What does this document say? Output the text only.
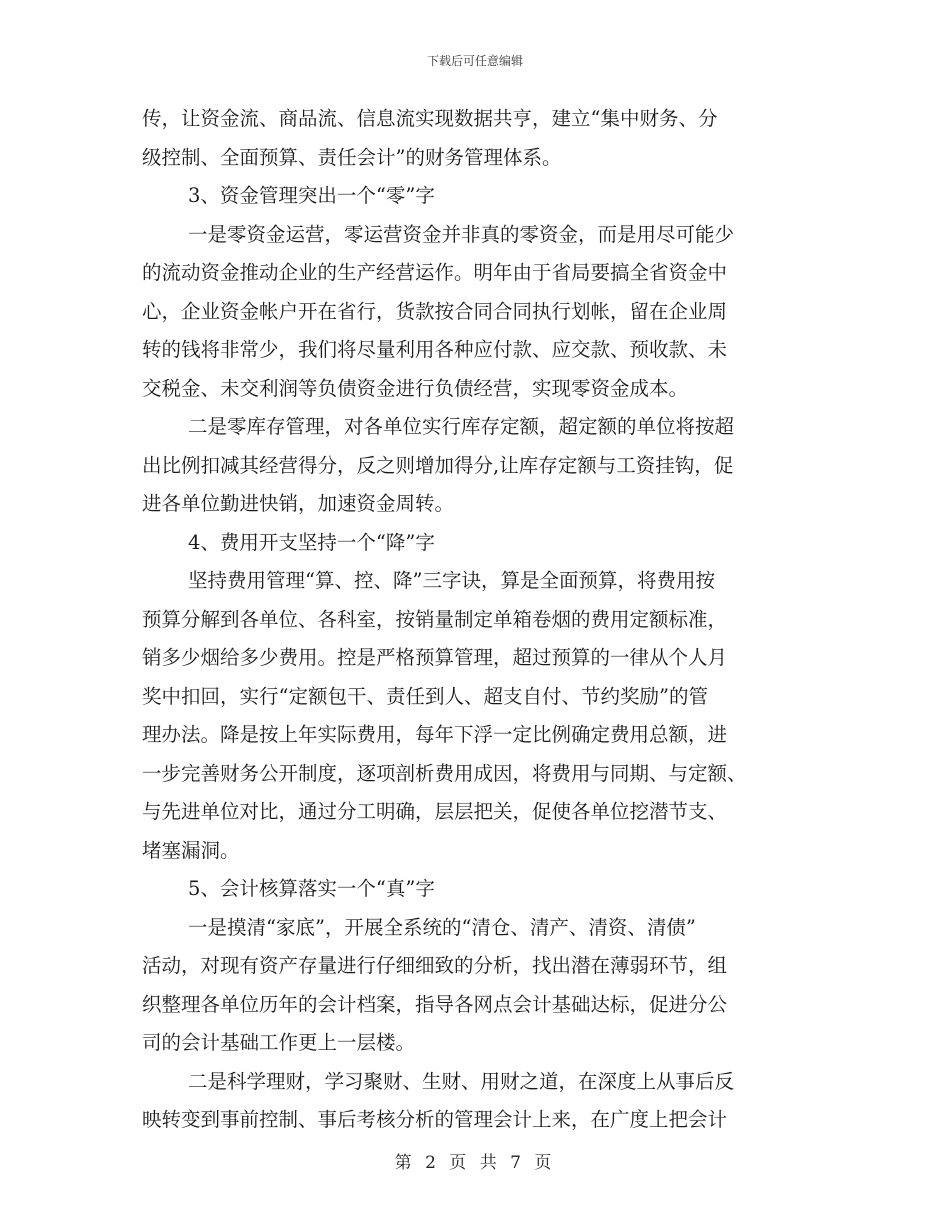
下载后可任意编辑
传，让资金流、商品流、信息流实现数据共亨，建立“集中财务、分
级控制、全面预算、责任会计”的财务管理体系。
3、资金管理突出一个“零”字
一是零资金运营，零运营资金并非真的零资金，而是用尽可能少
的流动资金推动企业的生产经营运作。明年由于省局要搞全省资金中
心，企业资金帐户开在省行，货款按合同合同执行划帐，留在企业周
转的钱将非常少，我们将尽量利用各种应付款、应交款、预收款、未
交税金、未交利润等负债资金进行负债经营，实现零资金成本。
二是零库存管理，对各单位实行库存定额，超定额的单位将按超
出比例扣减其经营得分，反之则增加得分,让库存定额与工资挂钩，促
进各单位勤进快销，加速资金周转。
4、费用开支坚持一个“降”字
坚持费用管理“算、控、降”三字诀，算是全面预算，将费用按
预算分解到各单位、各科室，按销量制定单箱卷烟的费用定额标准，
销多少烟给多少费用。控是严格预算管理，超过预算的一律从个人月
奖中扣回，实行“定额包干、责任到人、超支自付、节约奖励”的管
理办法。降是按上年实际费用，每年下浮一定比例确定费用总额，进
一步完善财务公开制度，逐项剖析费用成因，将费用与同期、与定额、
与先进单位对比，通过分工明确，层层把关，促使各单位挖潜节支、
堵塞漏洞。
5、会计核算落实一个“真”字
一是摸清“家底”，开展全系统的“清仓、清产、清资、清债”
活动，对现有资产存量进行仔细细致的分析，找出潜在薄弱环节，组
织整理各单位历年的会计档案，指导各网点会计基础达标，促进分公
司的会计基础工作更上一层楼。
二是科学理财，学习聚财、生财、用财之道，在深度上从事后反
映转变到事前控制、事后考核分析的管理会计上来，在广度上把会计
第 2 页 共 7 页
